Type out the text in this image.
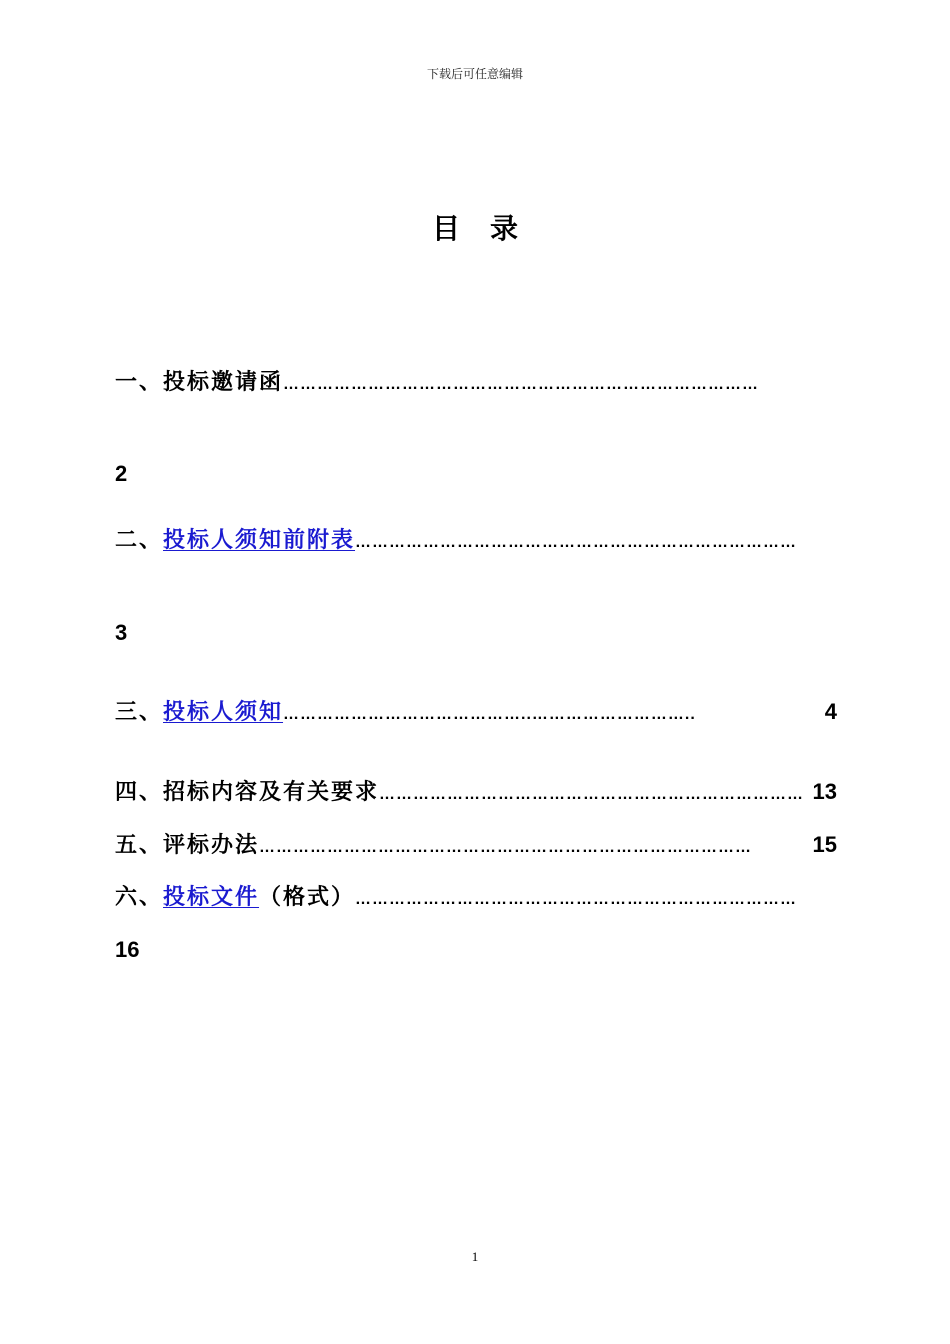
下载后可任意编辑
目录
一、投标邀请函 …………………………………………………………………………
2
二、投标人须知前附表 ……………………………………………………………………
3
三、投标人须知 ……………………………………..………………………..	4
四、招标内容及有关要求 ………………………………………………………………… 13
五、评标办法 ……………………………………………………………………………	15
六、投标文件（格式） ……………………………………………………………………
16
1
